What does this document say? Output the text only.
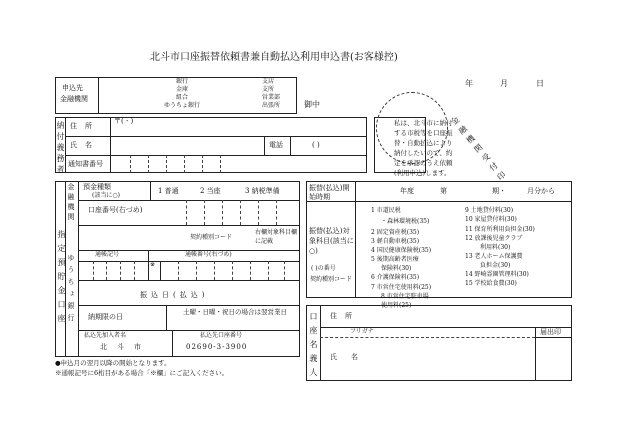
北斗市口座振替依頼書兼自動払込利用申込書(お客様控)
年	月	日
申込先
金融機関
銀行
金庫
組合
ゆうちょ銀行
支店
支所
営業部
出張所	御中
納付義務者 住所
〒( - )
氏名	電話	( )
通知書番号	金融機関受付印
私は、北斗市に納付する市税等を口座振替・自動払込により納付したいので、約定を承認のうえ依頼(利用申込)します。
指定預貯金口座
金融機関
ゆうちょ銀行
預金種類
(該当に○)
1 普通	2 当座	3 納税準備
口座番号(右づめ)
契約種別コード
右欄対象科目欄に記載
通帳記号	通帳番号(右づめ)
※
振込日(払込)
納期限の日
土曜・日曜・祝日の場合は翌営業日
払込先加入者名
北斗市
払込先口座番号
02690-3-3900
振替(払込)開始時期
年度	第	期・	月分から
振替(払込)対象科目(該当に○)
( )の番号
契約種別コード
1 市道民税
・森林環境税(35)
2 固定資産税(35)
3 軽自動車税(35)
4 国民健康保険税(35)
5 後期高齢者医療
保険料(30)
6 介護保険料(35)
7 市営住宅使用料(25)
8 市営住宅駐車場
使用料(25)
9 土地貸付料(30)
10 家屋貸付料(30)
11 保育所利用負担金(30)
12 放課後児童クラブ
利用料(30)
13 老人ホーム保護費
負担金(30)
14 野崎霊園管理料(30)
15 学校給食費(30)
口座名義人 住所
フリガナ	届出印
氏名
●申込月の翌月以降の開始となります。
※通帳記号に6桁目がある場合「※欄」にご記入ください。
